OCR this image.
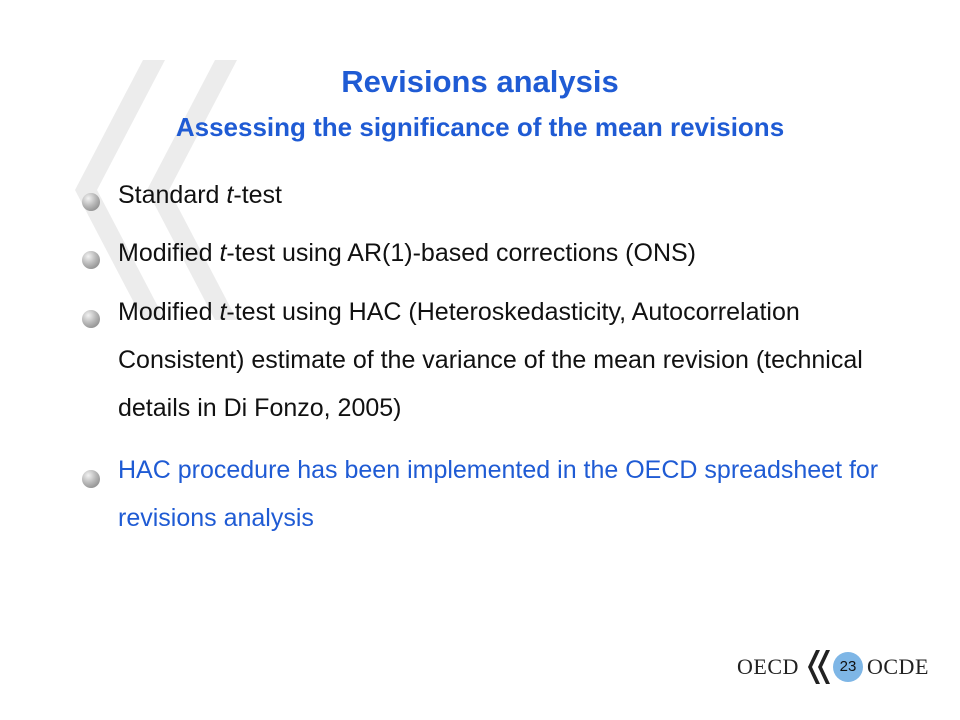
Revisions analysis
Assessing the significance of the mean revisions
Standard t-test
Modified t-test using AR(1)-based corrections (ONS)
Modified t-test using HAC (Heteroskedasticity, Autocorrelation Consistent) estimate of the variance of the mean revision (technical details in Di Fonzo, 2005)
HAC procedure has been implemented in the OECD spreadsheet for revisions analysis
OECD	23 OCDE
